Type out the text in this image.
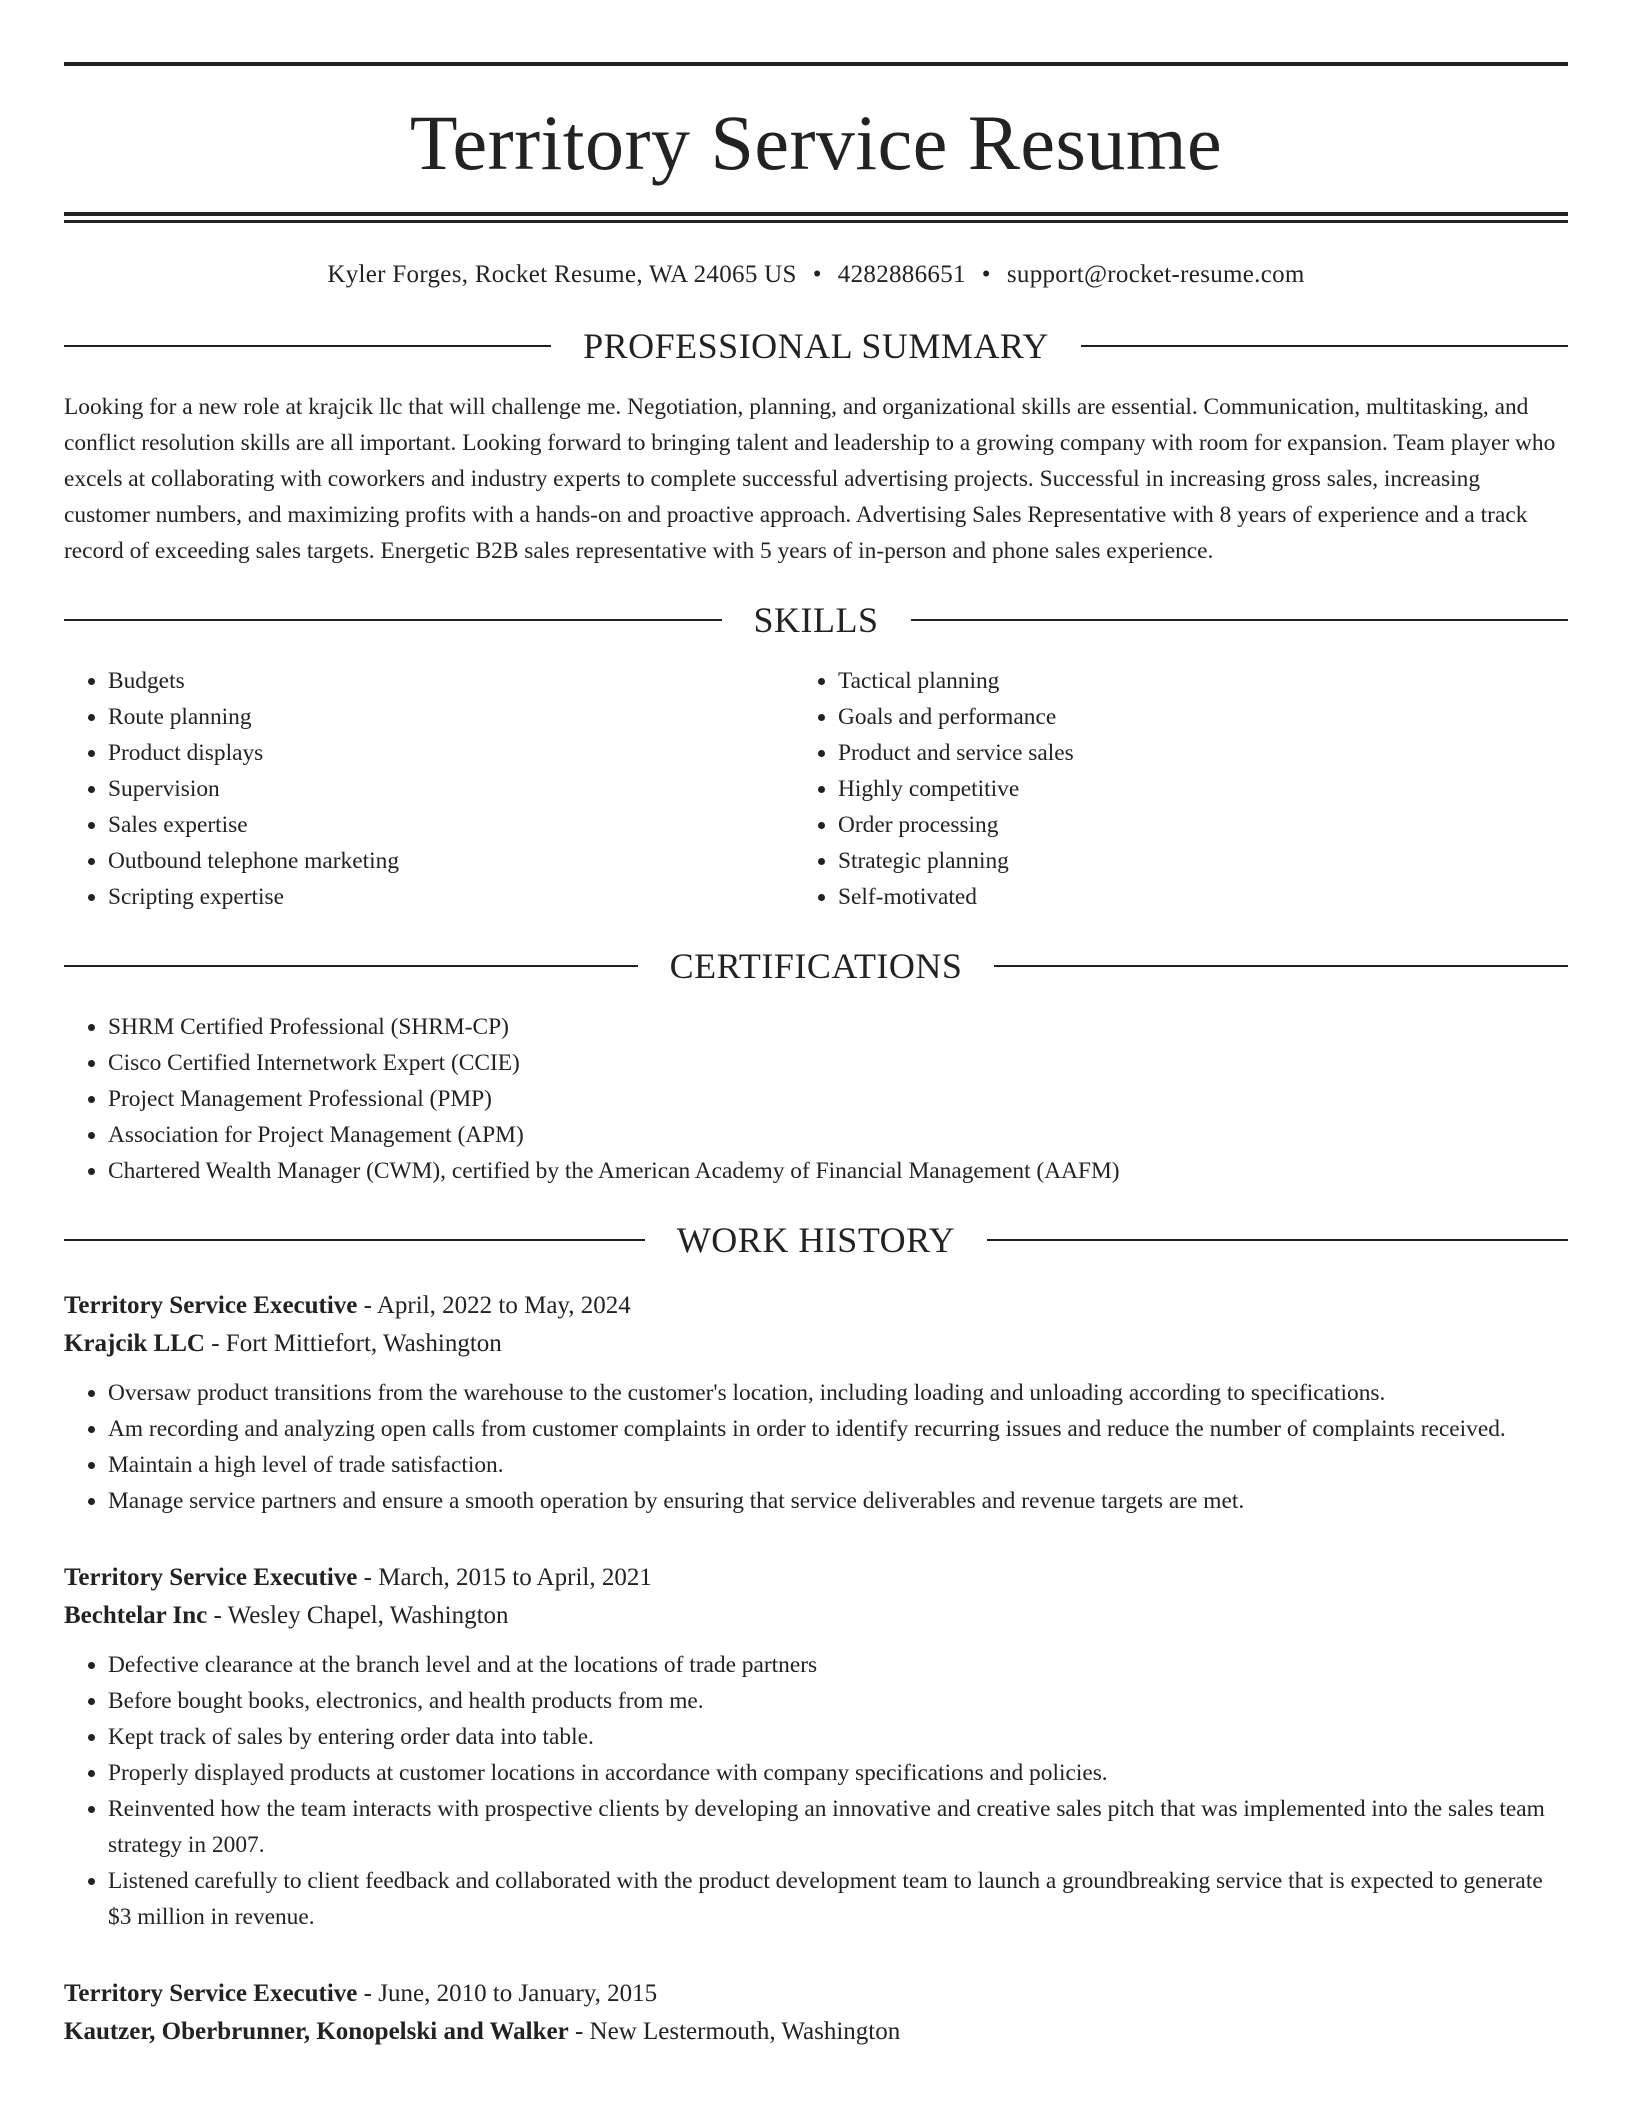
Territory Service Resume
Kyler Forges, Rocket Resume, WA 24065 US • 4282886651 • support@rocket-resume.com
PROFESSIONAL SUMMARY
Looking for a new role at krajcik llc that will challenge me. Negotiation, planning, and organizational skills are essential. Communication, multitasking, and conflict resolution skills are all important. Looking forward to bringing talent and leadership to a growing company with room for expansion. Team player who excels at collaborating with coworkers and industry experts to complete successful advertising projects. Successful in increasing gross sales, increasing customer numbers, and maximizing profits with a hands-on and proactive approach. Advertising Sales Representative with 8 years of experience and a track record of exceeding sales targets. Energetic B2B sales representative with 5 years of in-person and phone sales experience.
SKILLS
• Budgets
• Route planning
• Product displays
• Supervision
• Sales expertise
• Outbound telephone marketing
• Scripting expertise
• Tactical planning
• Goals and performance
• Product and service sales
• Highly competitive
• Order processing
• Strategic planning
• Self-motivated
CERTIFICATIONS
• SHRM Certified Professional (SHRM-CP)
• Cisco Certified Internetwork Expert (CCIE)
• Project Management Professional (PMP)
• Association for Project Management (APM)
• Chartered Wealth Manager (CWM), certified by the American Academy of Financial Management (AAFM)
WORK HISTORY
Territory Service Executive - April, 2022 to May, 2024
Krajcik LLC - Fort Mittiefort, Washington
• Oversaw product transitions from the warehouse to the customer's location, including loading and unloading according to specifications.
• Am recording and analyzing open calls from customer complaints in order to identify recurring issues and reduce the number of complaints received.
• Maintain a high level of trade satisfaction.
• Manage service partners and ensure a smooth operation by ensuring that service deliverables and revenue targets are met.
Territory Service Executive - March, 2015 to April, 2021
Bechtelar Inc - Wesley Chapel, Washington
• Defective clearance at the branch level and at the locations of trade partners
• Before bought books, electronics, and health products from me.
• Kept track of sales by entering order data into table.
• Properly displayed products at customer locations in accordance with company specifications and policies.
• Reinvented how the team interacts with prospective clients by developing an innovative and creative sales pitch that was implemented into the sales team strategy in 2007.
• Listened carefully to client feedback and collaborated with the product development team to launch a groundbreaking service that is expected to generate $3 million in revenue.
Territory Service Executive - June, 2010 to January, 2015
Kautzer, Oberbrunner, Konopelski and Walker - New Lestermouth, Washington
